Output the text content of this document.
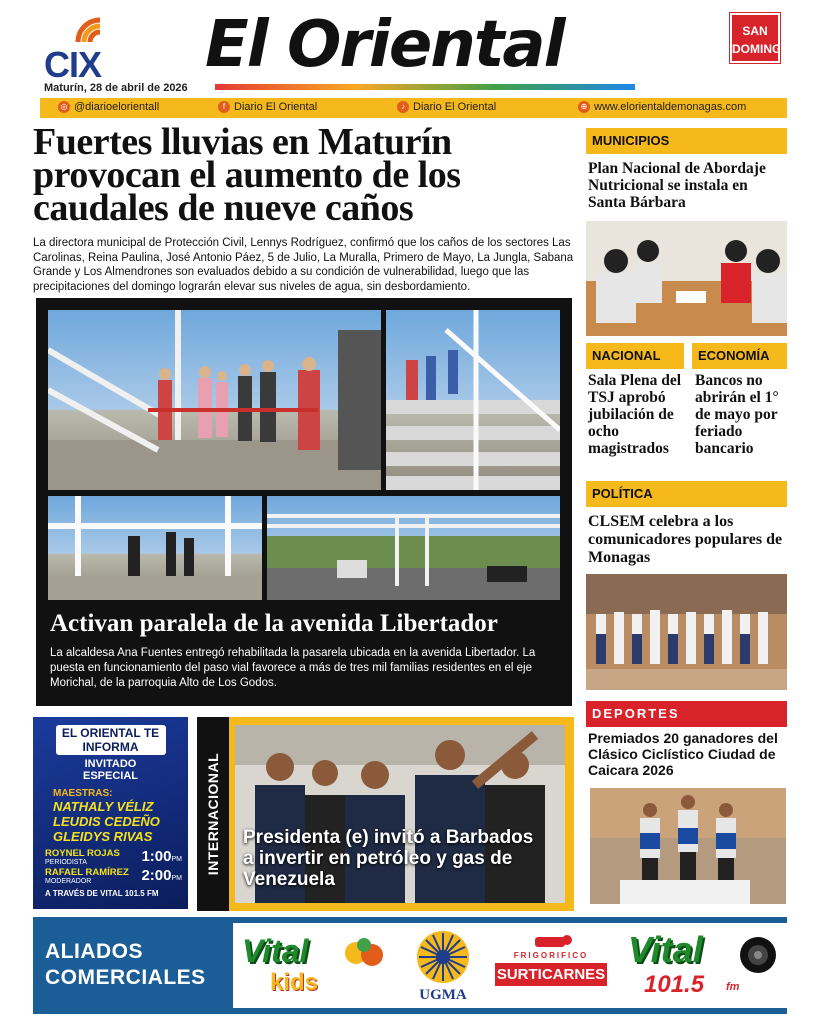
CIX El Oriental	SAN
DOMINGO
Maturín, 28 de abril de 2026
◎ @diarioelorientall	f Diario El Oriental	♪ Diario El Oriental	⊕ www.elorientaldemonagas.com
Fuertes lluvias en Maturín provocan el aumento de los caudales de nueve caños
La directora municipal de Protección Civil, Lennys Rodríguez, confirmó que los caños de los sectores Las Carolinas, Reina Paulina, José Antonio Páez, 5 de Julio, La Muralla, Primero de Mayo, La Jungla, Sabana Grande y Los Almendrones son evaluados debido a su condición de vulnerabilidad, luego que las precipitaciones del domingo lograrán elevar sus niveles de agua, sin desbordamiento.
Activan paralela de la avenida Libertador
La alcaldesa Ana Fuentes entregó rehabilitada la pasarela ubicada en la avenida Libertador. La puesta en funcionamiento del paso vial favorece a más de tres mil familias residentes en el eje Morichal, de la parroquia Alto de Los Godos.
MUNICIPIOS
Plan Nacional de Abordaje Nutricional se instala en Santa Bárbara
NACIONAL	ECONOMÍA
Sala Plena del TSJ aprobó jubilación de ocho magistrados
Bancos no abrirán el 1° de mayo por feriado bancario
POLÍTICA
CLSEM celebra a los comunicadores populares de Monagas
DEPORTES
Premiados 20 ganadores del Clásico Ciclístico Ciudad de Caicara 2026
EL ORIENTAL TE INFORMA
INVITADO
ESPECIAL
MAESTRAS:
NATHALY VÉLIZ
LEUDIS CEDEÑO
GLEIDYS RIVAS
ROYNEL ROJAS
PERIODISTA	1:00PM
RAFAEL RAMÍREZ
MODERADOR	2:00PM
A TRAVÉS DE VITAL 101.5 FM
INTERNACIONAL Presidenta (e) invitó a Barbados a invertir en petróleo y gas de Venezuela
ALIADOS
COMERCIALES
Vital
kids	UGMA
FRIGORIFICO
SURTICARNES
Vital
101.5 fm
